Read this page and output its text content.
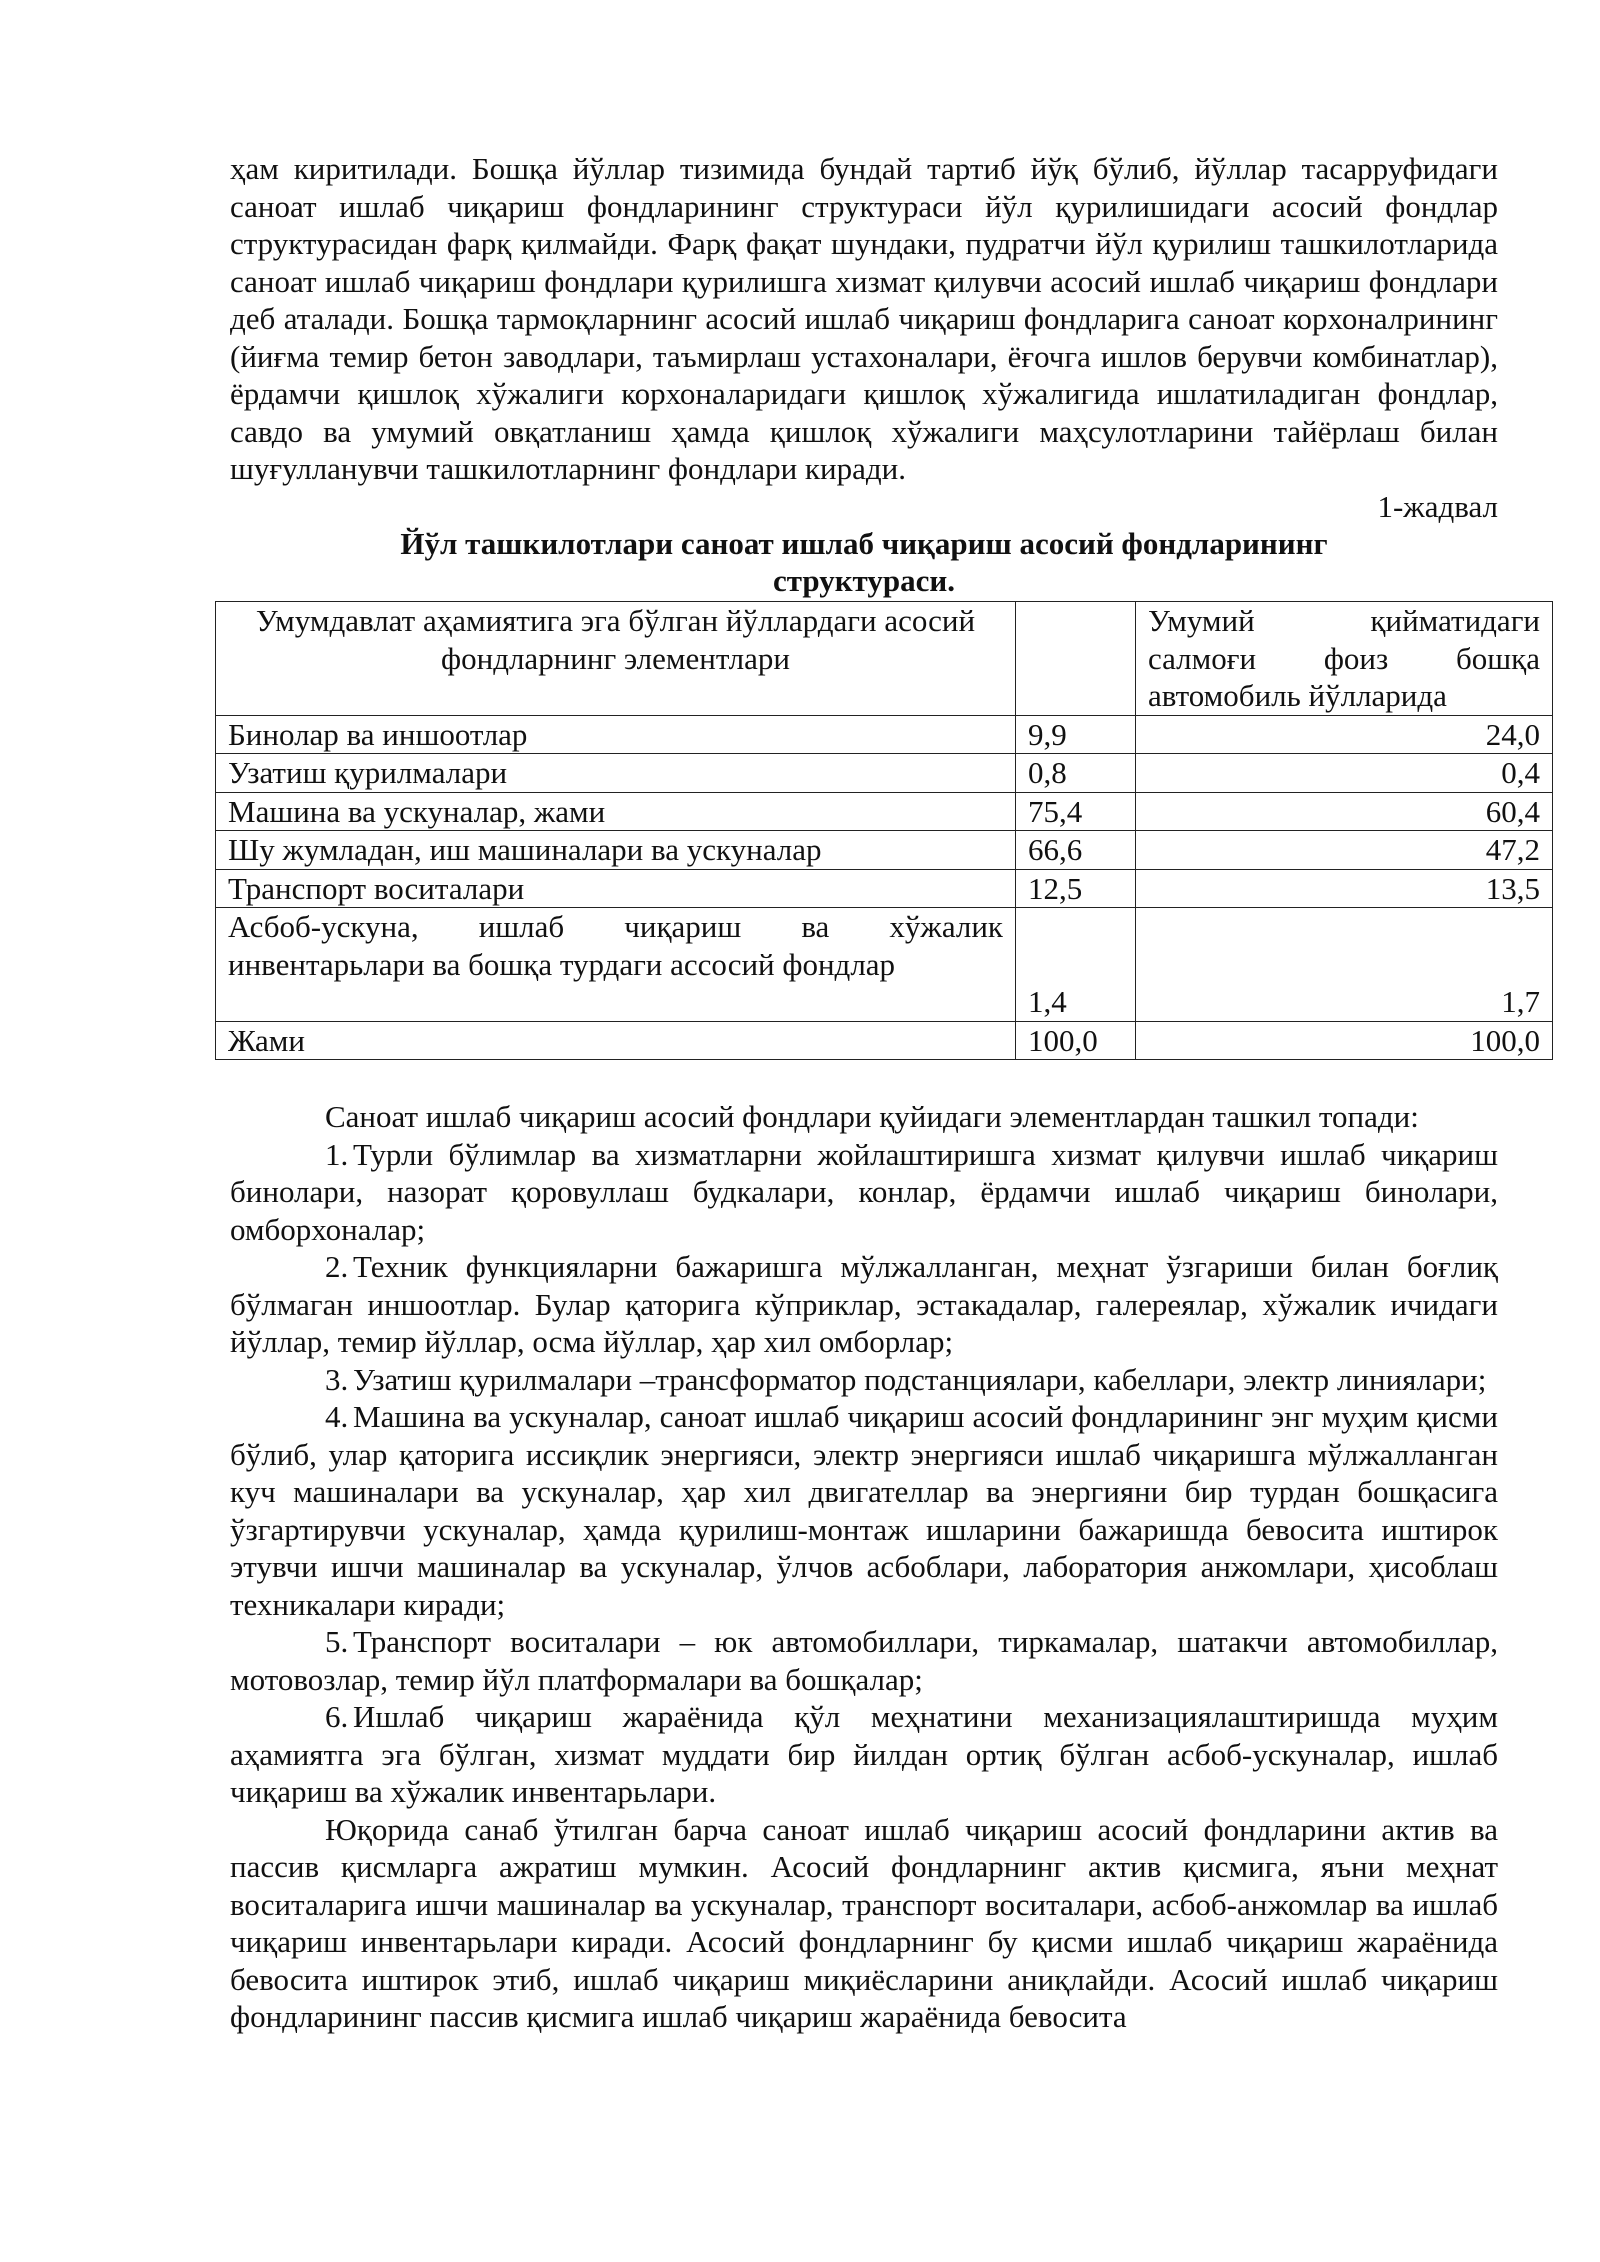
ҳам киритилади. Бошқа йўллар тизимида бундай тартиб йўқ бўлиб, йўллар тасарруфидаги саноат ишлаб чиқариш фондларининг структураси йўл қурилишидаги асосий фондлар структурасидан фарқ қилмайди. Фарқ фақат шундаки, пудратчи йўл қурилиш ташкилотларида саноат ишлаб чиқариш фондлари қурилишга хизмат қилувчи асосий ишлаб чиқариш фондлари деб аталади. Бошқа тармоқларнинг асосий ишлаб чиқариш фондларига саноат корхоналрининг (йиғма темир бетон заводлари, таъмирлаш устахоналари, ёғочга ишлов берувчи комбинатлар), ёрдамчи қишлоқ хўжалиги корхоналаридаги қишлоқ хўжалигида ишлатиладиган фондлар, савдо ва умумий овқатланиш ҳамда қишлоқ хўжалиги маҳсулотларини тайёрлаш билан шуғулланувчи ташкилотларнинг фондлари киради.

1-жадвал

Йўл ташкилотлари саноат ишлаб чиқариш асосий фондларининг структураси.

Умумдавлат аҳамиятига эга бўлган йўллардаги асосий фондларнинг элементлари		Умумий қийматидаги салмоғи фоиз бошқа
автомобиль йўлларида

Бинолар ва иншоотлар	9,9	24,0
Узатиш қурилмалари	0,8	0,4
Машина ва ускуналар, жами	75,4	60,4
Шу жумладан, иш машиналари ва ускуналар	66,6	47,2
Транспорт воситалари	12,5	13,5

Асбоб-ускуна, ишлаб чиқариш ва хўжалик
инвентарьлари ва бошқа турдаги ассосий фондлар	1,4	1,7
Жами	100,0	100,0

Саноат ишлаб чиқариш асосий фондлари қуйидаги элементлардан ташкил топади:

1. Турли бўлимлар ва хизматларни жойлаштиришга хизмат қилувчи ишлаб чиқариш бинолари, назорат қоровуллаш будкалари, конлар, ёрдамчи ишлаб чиқариш бинолари, омборхоналар;

2. Техник функцияларни бажаришга мўлжалланган, меҳнат ўзгариши билан боғлиқ бўлмаган иншоотлар. Булар қаторига кўприклар, эстакадалар, галереялар, хўжалик ичидаги йўллар, темир йўллар, осма йўллар, ҳар хил омборлар;

3. Узатиш қурилмалари –трансформатор подстанциялари, кабеллари, электр линиялари;

4. Машина ва ускуналар, саноат ишлаб чиқариш асосий фондларининг энг муҳим қисми бўлиб, улар қаторига иссиқлик энергияси, электр энергияси ишлаб чиқаришга мўлжалланган куч машиналари ва ускуналар, ҳар хил двигателлар ва энергияни бир турдан бошқасига ўзгартирувчи ускуналар, ҳамда қурилиш-монтаж ишларини бажаришда бевосита иштирок этувчи ишчи машиналар ва ускуналар, ўлчов асбоблари, лаборатория анжомлари, ҳисоблаш техникалари киради;

5. Транспорт воситалари – юк автомобиллари, тиркамалар, шатакчи автомобиллар, мотовозлар, темир йўл платформалари ва бошқалар;

6. Ишлаб чиқариш жараёнида қўл меҳнатини механизациялаштиришда муҳим аҳамиятга эга бўлган, хизмат муддати бир йилдан ортиқ бўлган асбоб-ускуналар, ишлаб чиқариш ва хўжалик инвентарьлари.

Юқорида санаб ўтилган барча саноат ишлаб чиқариш асосий фондларини актив ва пассив қисмларга ажратиш мумкин. Асосий фондларнинг актив қисмига, яъни меҳнат воситаларига ишчи машиналар ва ускуналар, транспорт воситалари, асбоб-анжомлар ва ишлаб чиқариш инвентарьлари киради. Асосий фондларнинг бу қисми ишлаб чиқариш жараёнида бевосита иштирок этиб, ишлаб чиқариш миқиёсларини аниқлайди. Асосий ишлаб чиқариш фондларининг пассив қисмига ишлаб чиқариш жараёнида бевосита
